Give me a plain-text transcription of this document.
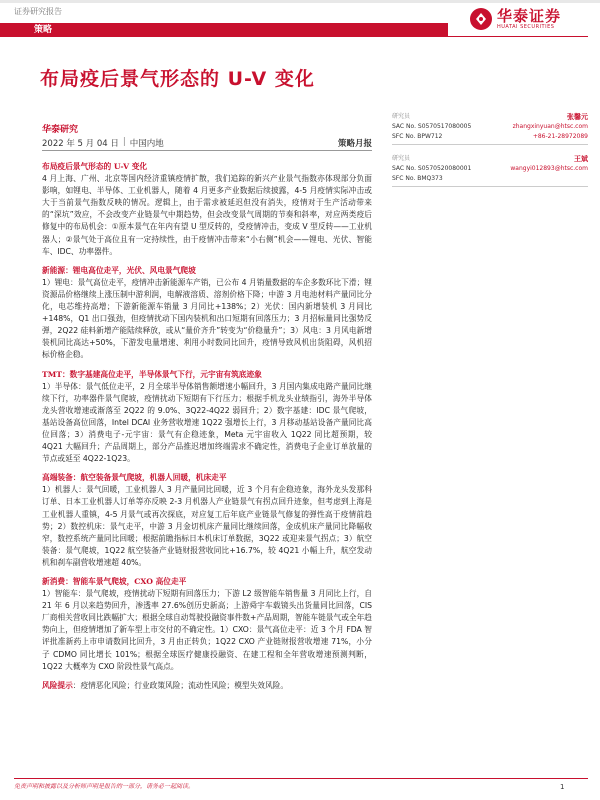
证券研究报告	华泰证券
HUATAI SECURITIES
策略
布局疫后景气形态的 U-V 变化
华泰研究
2022 年 5 月 04 日 | 中国内地	策略月报
研究员	张馨元
SAC No. S0570517080005	zhangxinyuan@htsc.com
SFC No. BPW712	+86-21-28972089
研究员	王斌
SAC No. S0570520080001	wangyi012893@htsc.com
SFC No. BMQ373

布局疫后景气形态的 U-V 变化

4 月上海、广州、北京等国内经济重镇疫情扩散，我们追踪的新兴产业景气指数亦体现部分负面影响，如锂电、半导体、工业机器人，随着 4 月更多产业数据后续披露，4-5 月疫情实际冲击或大于当前景气指数反映的情况。逻辑上，由于需求被延迟但没有消失，疫情对于生产活动带来的“深坑”效应，不会改变产业链景气中期趋势，但会改变景气周期的节奏和斜率，对应两类疫后修复中的布局机会：①原本景气在年内有望 U 型反转的，受疫情冲击，变成 V 型反转——工业机器人；②景气处于高位且有一定持续性，由于疫情冲击带来“小右侧”机会——锂电、光伏、智能车、IDC、功率器件。

新能源：锂电高位走平，光伏、风电景气爬坡

1）锂电：景气高位走平，疫情冲击新能源车产销，已公布 4 月销量数据的车企多数环比下滑；锂资源品价格继续上涨压制中游利润，电解液溶质、溶剂价格下降；中游 3 月电池材料产量同比分化，电芯维持高增；下游新能源车销量 3 月同比+138%；2）光伏：国内新增装机 3 月同比+148%，Q1 出口强劲，但疫情扰动下国内装机和出口短期有回落压力；3 月招标量同比强势反弹，2Q22 硅料新增产能陆续释放，或从“量价齐升”转变为“价稳量升”；3）风电：3 月风电新增装机同比高达+50%，下游发电量增速、利用小时数同比回升，疫情导致风机出货阻碍，风机招标价格企稳。

TMT：数字基建高位走平，半导体景气下行，元宇宙有筑底迹象

1）半导体：景气低位走平，2 月全球半导体销售额增速小幅回升，3 月国内集成电路产量同比继续下行，功率器件景气爬坡，疫情扰动下短期有下行压力；根据手机龙头业绩指引，海外半导体龙头营收增速或渐落至 2Q22 的 9.0%、3Q22-4Q22 弱回升；2）数字基建：IDC 景气爬坡，基站设备高位回落，Intel DCAI 业务营收增速 1Q22 强增长上行，3 月移动基站设备产量同比高位回落；3）消费电子-元宇宙：景气有企稳迹象，Meta 元宇宙收入 1Q22 同比超预期，较 4Q21 大幅回升；产品周期上，部分产品推迟增加终端需求不确定性，消费电子企业订单放量的节点或延至 4Q22-1Q23。

高端装备：航空装备景气爬坡，机器人回暖，机床走平

1）机器人：景气回暖，工业机器人 3 月产量同比回暖，近 3 个月有企稳迹象，海外龙头发那科订单、日本工业机器人订单等亦反映 2-3 月机器人产业链景气有拐点回升迹象，但考虑到上海是工业机器人重镇，4-5 月景气或再次探底，对应复工后年底产业链景气修复的弹性高于疫情前趋势；2）数控机床：景气走平，中游 3 月金切机床产量同比继续回落，金成机床产量同比降幅收窄，数控系统产量同比回暖；根据前瞻指标日本机床订单数据，3Q22 或迎来景气拐点；3）航空装备：景气爬坡，1Q22 航空装备产业链财报营收同比+16.7%，较 4Q21 小幅上升，航空发动机和刹车副营收增速超 40%。

新消费：智能车景气爬坡，CXO 高位走平

1）智能车：景气爬坡，疫情扰动下短期有回落压力；下游 L2 级智能车销售量 3 月同比上行，自 21 年 6 月以来趋势回升，渗透率 27.6%创历史新高；上游舜宇车载镜头出货量同比回落，CIS 厂商相关营收同比跌幅扩大；根据全球自动驾驶投融资事件数+产品周期，智能车链景气或全年趋势向上，但疫情增加了新车型上市交付的不确定性。1）CXO：景气高位走平：近 3 个月 FDA 智评批准新药上市申请数同比回升，3 月由正转负；1Q22 CXO 产业链财报营收增速 71%，小分子 CDMO 同比增长 101%；根据全球医疗健康投融资、在建工程和全年营收增速预测判断，1Q22 大概率为 CXO 阶段性景气高点。

风险提示：疫情恶化风险；行业政策风险；流动性风险；模型失效风险。

免责声明和披露以及分析师声明是报告的一部分，请务必一起阅读。	1
